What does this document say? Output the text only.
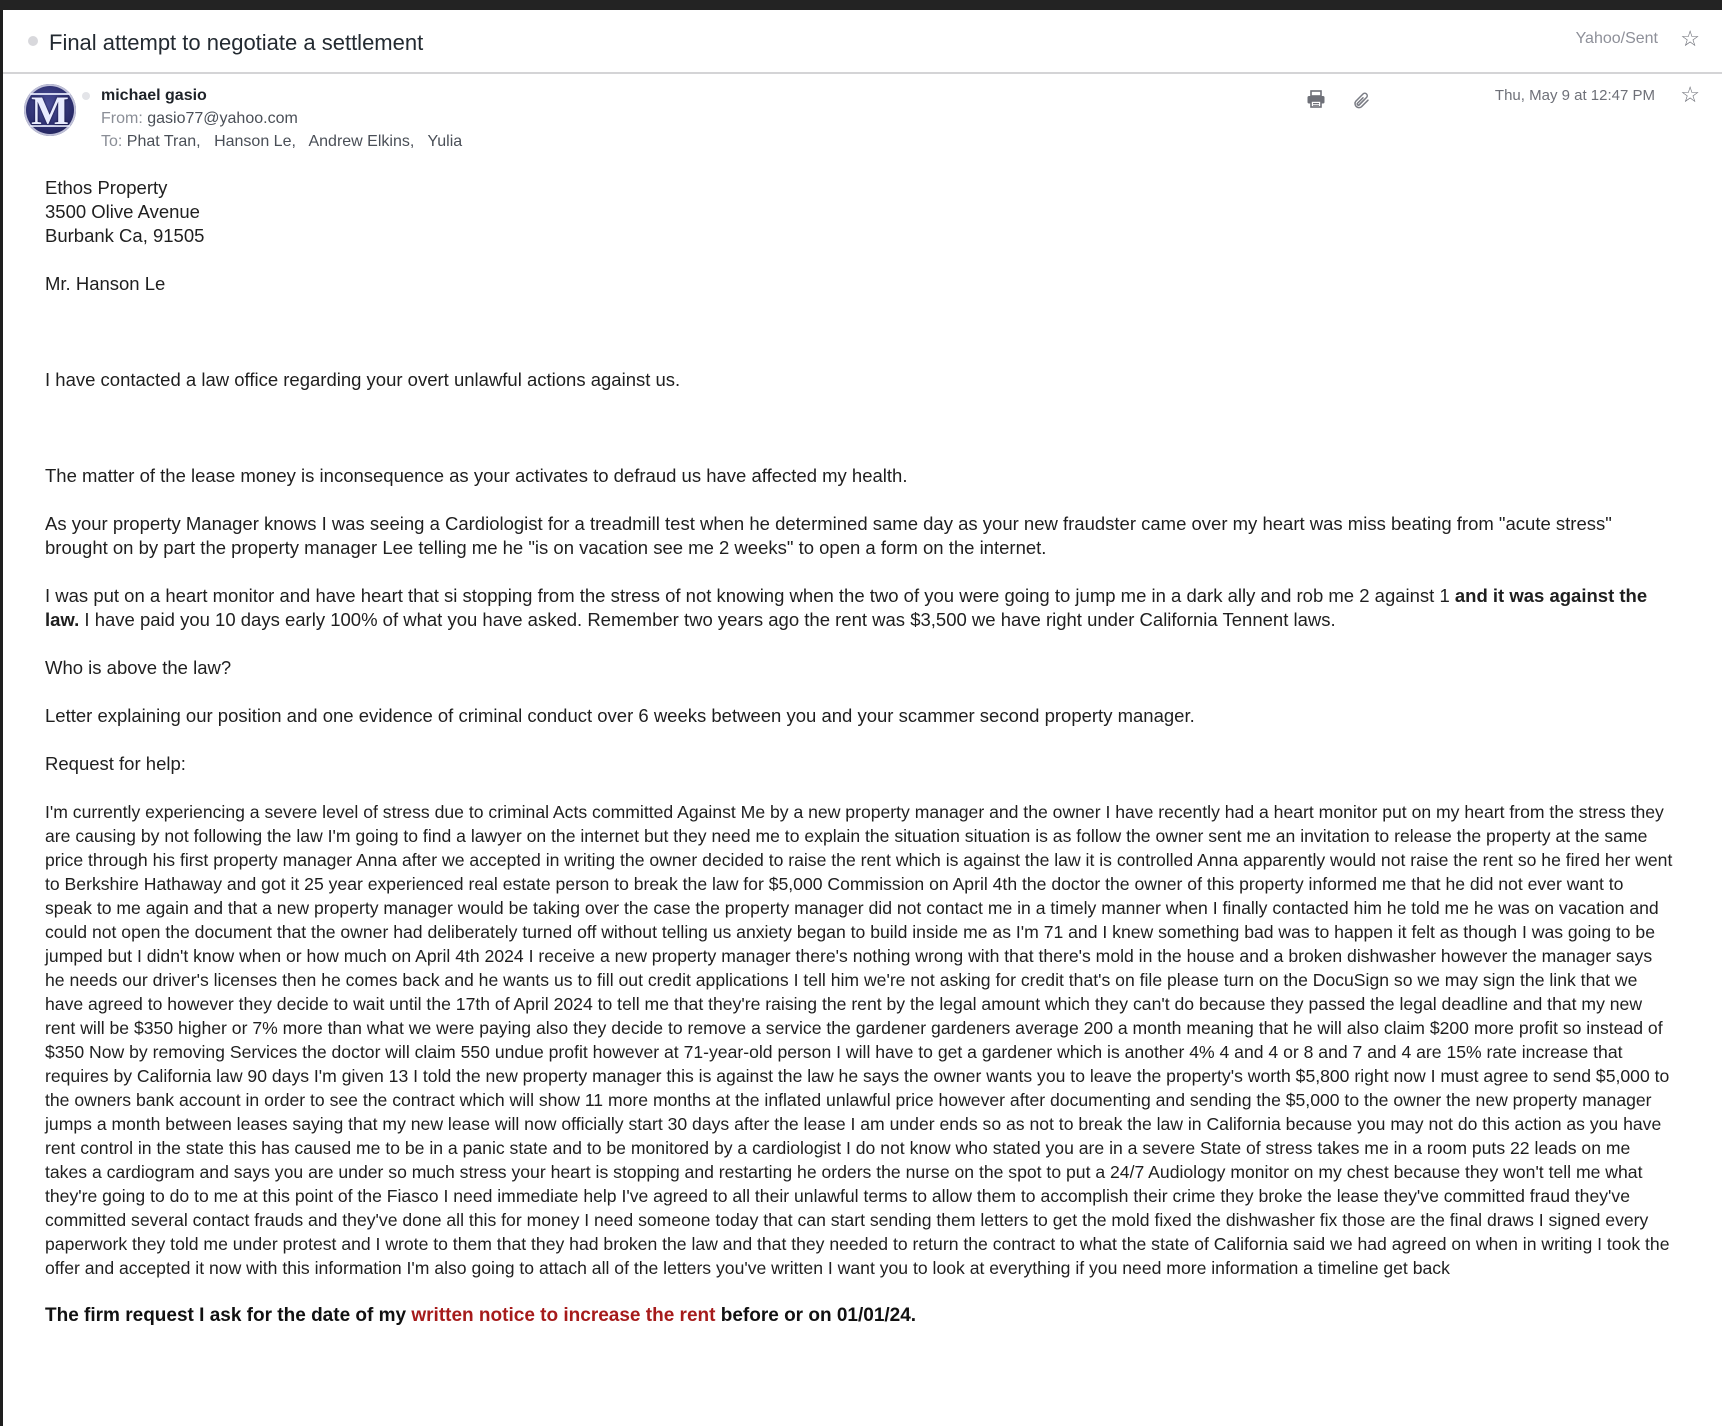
Final attempt to negotiate a settlement	Yahoo/Sent ☆
M	michael gasio
From: gasio77@yahoo.com
To: Phat Tran, Hanson Le, Andrew Elkins, Yulia
Thu, May 9 at 12:47 PM ☆

Ethos Property

3500 Olive Avenue

Burbank Ca, 91505

Mr. Hanson Le

I have contacted a law office regarding your overt unlawful actions against us.

The matter of the lease money is inconsequence as your activates to defraud us have affected my health.

As your property Manager knows I was seeing a Cardiologist for a treadmill test when he determined same day as your new fraudster came over my heart was miss beating from "acute stress" brought on by part the property manager Lee telling me he "is on vacation see me 2 weeks" to open a form on the internet.

I was put on a heart monitor and have heart that si stopping from the stress of not knowing when the two of you were going to jump me in a dark ally and rob me 2 against 1 and it was against the law. I have paid you 10 days early 100% of what you have asked. Remember two years ago the rent was $3,500 we have right under California Tennent laws.

Who is above the law?

Letter explaining our position and one evidence of criminal conduct over 6 weeks between you and your scammer second property manager.

Request for help:

I'm currently experiencing a severe level of stress due to criminal Acts committed Against Me by a new property manager and the owner I have recently had a heart monitor put on my heart from the stress they are causing by not following the law I'm going to find a lawyer on the internet but they need me to explain the situation situation is as follow the owner sent me an invitation to release the property at the same price through his first property manager Anna after we accepted in writing the owner decided to raise the rent which is against the law it is controlled Anna apparently would not raise the rent so he fired her went to Berkshire Hathaway and got it 25 year experienced real estate person to break the law for $5,000 Commission on April 4th the doctor the owner of this property informed me that he did not ever want to speak to me again and that a new property manager would be taking over the case the property manager did not contact me in a timely manner when I finally contacted him he told me he was on vacation and could not open the document that the owner had deliberately turned off without telling us anxiety began to build inside me as I'm 71 and I knew something bad was to happen it felt as though I was going to be jumped but I didn't know when or how much on April 4th 2024 I receive a new property manager there's nothing wrong with that there's mold in the house and a broken dishwasher however the manager says he needs our driver's licenses then he comes back and he wants us to fill out credit applications I tell him we're not asking for credit that's on file please turn on the DocuSign so we may sign the link that we have agreed to however they decide to wait until the 17th of April 2024 to tell me that they're raising the rent by the legal amount which they can't do because they passed the legal deadline and that my new rent will be $350 higher or 7% more than what we were paying also they decide to remove a service the gardener gardeners average 200 a month meaning that he will also claim $200 more profit so instead of $350 Now by removing Services the doctor will claim 550 undue profit however at 71-year-old person I will have to get a gardener which is another 4% 4 and 4 or 8 and 7 and 4 are 15% rate increase that requires by California law 90 days I'm given 13 I told the new property manager this is against the law he says the owner wants you to leave the property's worth $5,800 right now I must agree to send $5,000 to the owners bank account in order to see the contract which will show 11 more months at the inflated unlawful price however after documenting and sending the $5,000 to the owner the new property manager jumps a month between leases saying that my new lease will now officially start 30 days after the lease I am under ends so as not to break the law in California because you may not do this action as you have rent control in the state this has caused me to be in a panic state and to be monitored by a cardiologist I do not know who stated you are in a severe State of stress takes me in a room puts 22 leads on me takes a cardiogram and says you are under so much stress your heart is stopping and restarting he orders the nurse on the spot to put a 24/7 Audiology monitor on my chest because they won't tell me what they're going to do to me at this point of the Fiasco I need immediate help I've agreed to all their unlawful terms to allow them to accomplish their crime they broke the lease they've committed fraud they've committed several contact frauds and they've done all this for money I need someone today that can start sending them letters to get the mold fixed the dishwasher fix those are the final draws I signed every paperwork they told me under protest and I wrote to them that they had broken the law and that they needed to return the contract to what the state of California said we had agreed on when in writing I took the offer and accepted it now with this information I'm also going to attach all of the letters you've written I want you to look at everything if you need more information a timeline get back

The firm request I ask for the date of my written notice to increase the rent before or on 01/01/24.
